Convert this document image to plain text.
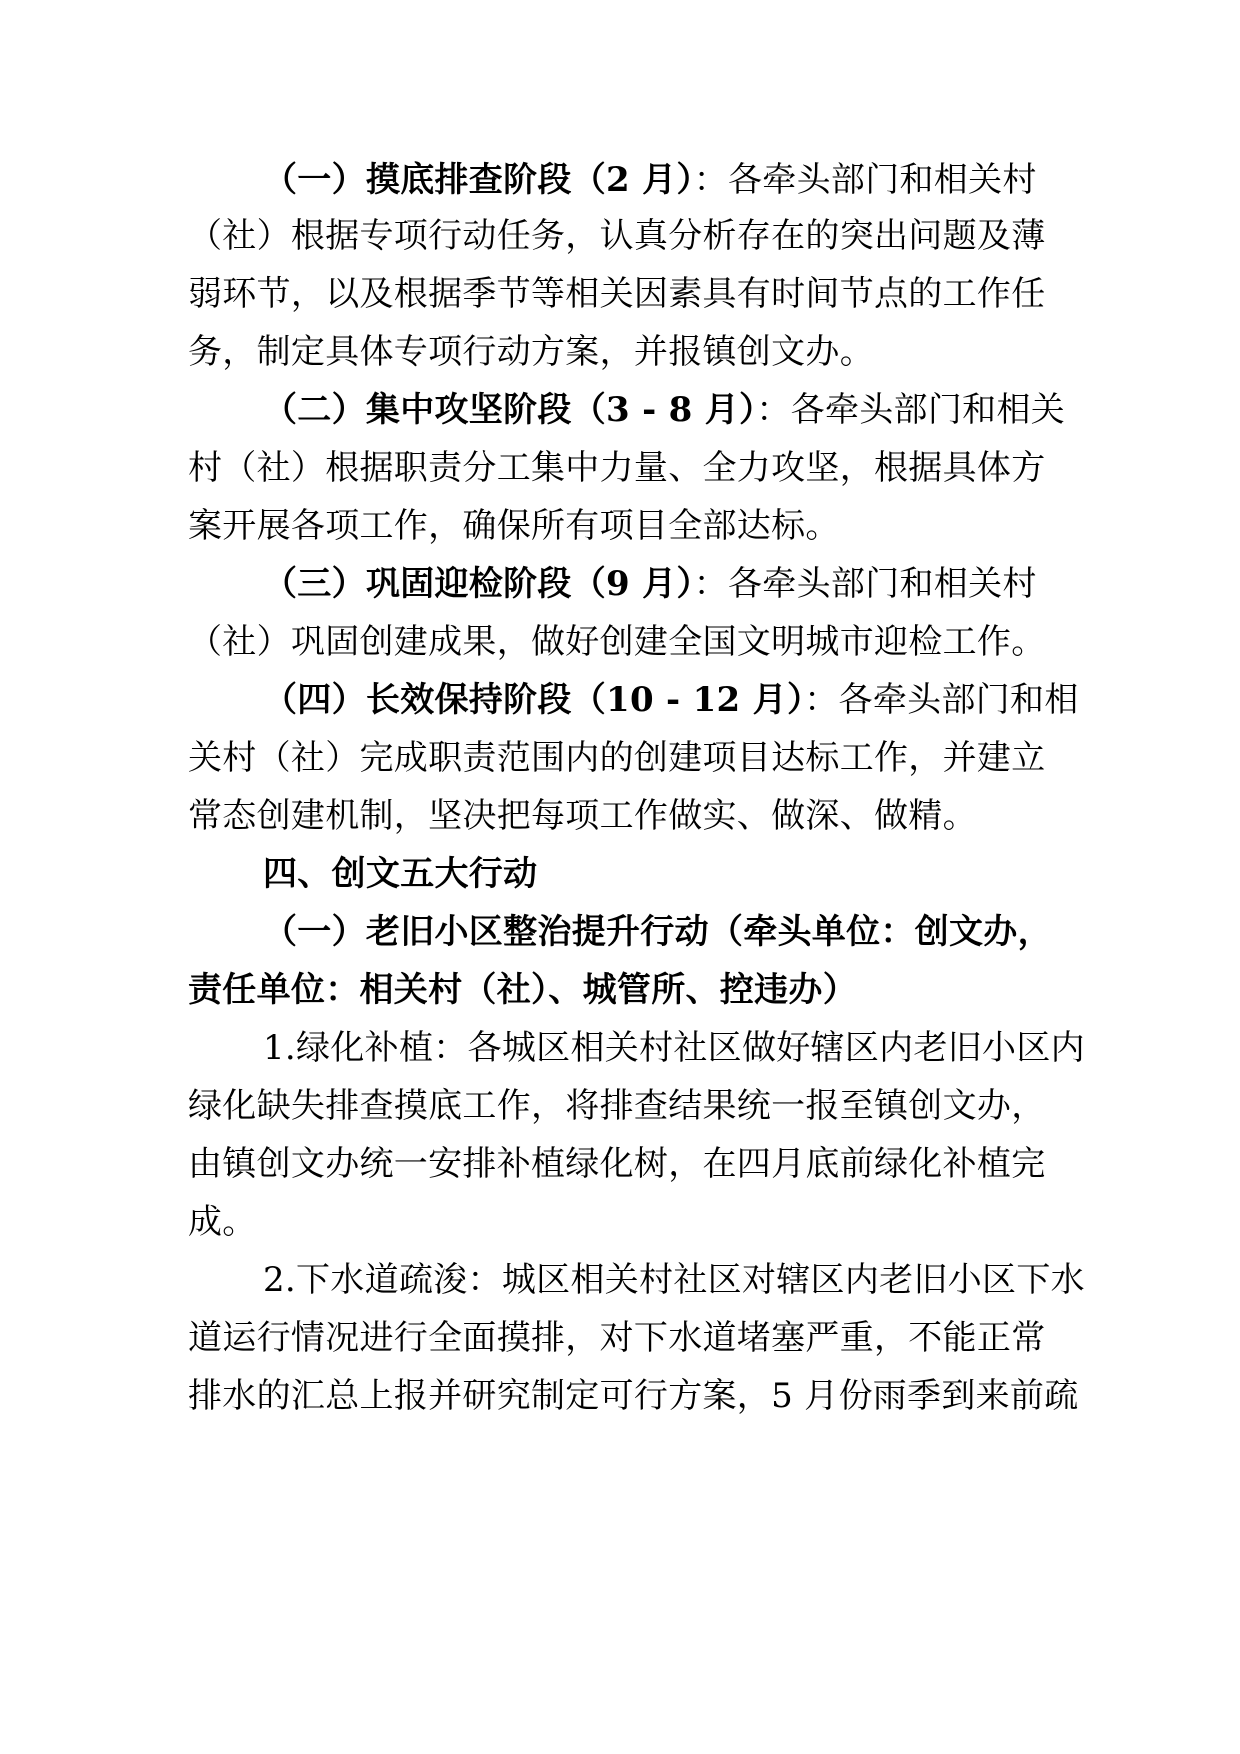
（一）摸底排查阶段（2 月）：各牵头部门和相关村
（社）根据专项行动任务，认真分析存在的突出问题及薄
弱环节，以及根据季节等相关因素具有时间节点的工作任
务，制定具体专项行动方案，并报镇创文办。
（二）集中攻坚阶段（3 - 8 月）：各牵头部门和相关
村（社）根据职责分工集中力量、全力攻坚，根据具体方
案开展各项工作，确保所有项目全部达标。
（三）巩固迎检阶段（9 月）：各牵头部门和相关村
（社）巩固创建成果，做好创建全国文明城市迎检工作。
（四）长效保持阶段（10 - 12 月）：各牵头部门和相
关村（社）完成职责范围内的创建项目达标工作，并建立
常态创建机制，坚决把每项工作做实、做深、做精。
四、创文五大行动
（一）老旧小区整治提升行动（牵头单位：创文办，
责任单位：相关村（社）、城管所、控违办）
1.绿化补植：各城区相关村社区做好辖区内老旧小区内
绿化缺失排查摸底工作，将排查结果统一报至镇创文办，
由镇创文办统一安排补植绿化树，在四月底前绿化补植完
成。
2.下水道疏浚：城区相关村社区对辖区内老旧小区下水
道运行情况进行全面摸排，对下水道堵塞严重，不能正常
排水的汇总上报并研究制定可行方案，5 月份雨季到来前疏
